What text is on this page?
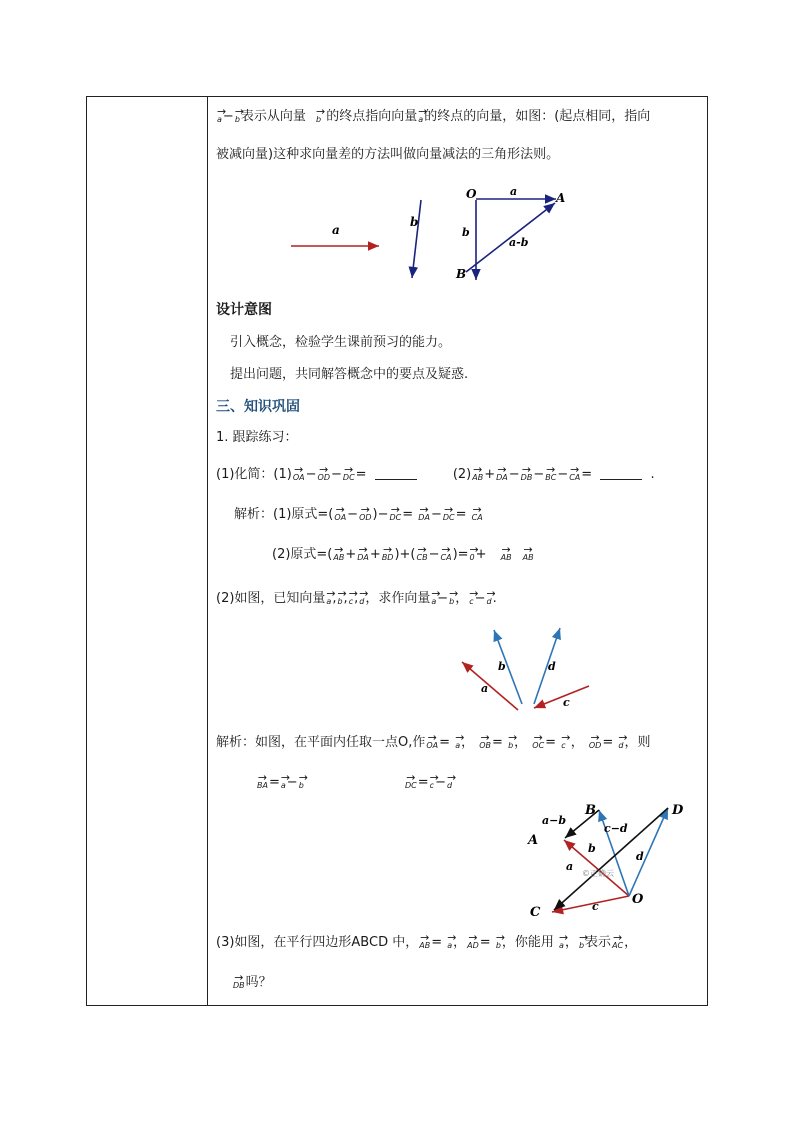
→ a−→ b表示从向量 → b 的终点指向向量→ a的终点的向量，如图：(起点相同，指向
被减向量)这种求向量差的方法叫做向量减法的三角形法则。
a
b
O	A
B
a
b
a-b
设计意图
引入概念，检验学生课前预习的能力。
提出问题，共同解答概念中的要点及疑惑.
三、知识巩固
1. 跟踪练习：
(1)化简：(1)→ OA−→ OD−→ DC=	(2)→ AB+→ DA−→ DB−→ BC−→ CA=	.
解析：(1)原式=(→ OA−→ OD)−→ DC= → DA−→ DC= → CA
(2)原式=(→ AB+→ DA+→ BD)+(→ CB−→ CA)=→ 0+ → AB → AB
(2)如图，已知向量→ a,→ b,→ c,→ d，求作向量→ a−→ b，→ c−→ d.
a
b	d
c
解析：如图，在平面内任取一点O,作→ OA= → a， → OB= → b， → OC= → c ， → OD= → d，则
→ BA=→ a−→ b	→ DC=→ c−→ d
A
B
C
D
O
a−b
c−d
b
a
d
c
©正确云
(3)如图，在平行四边形ABCD 中，→ AB= → a，→ AD= → b，你能用 → a，→ b表示→ AC，
→ DB吗？
